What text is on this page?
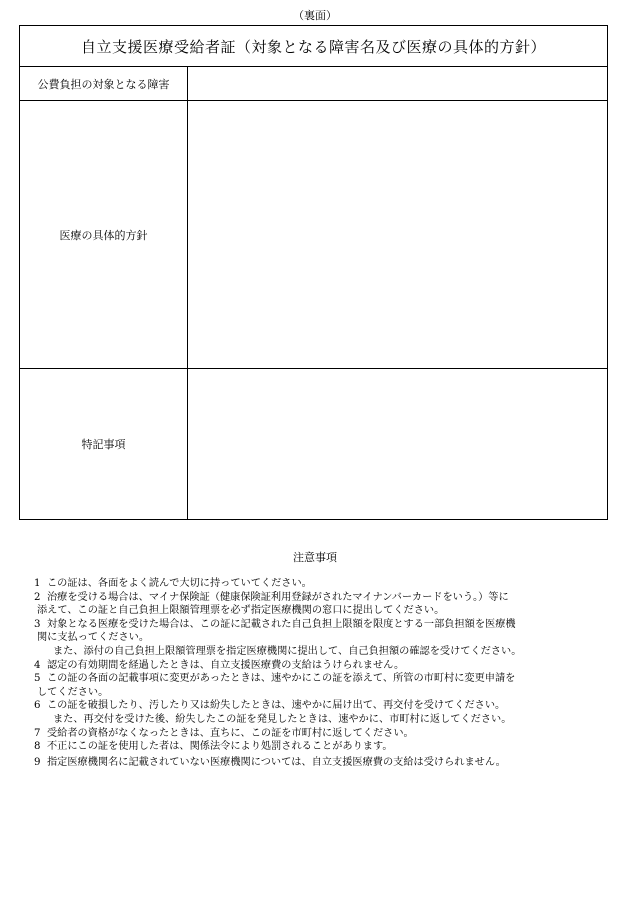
（裏面）
自立支援医療受給者証（対象となる障害名及び医療の具体的方針）
公費負担の対象となる障害
医療の具体的方針
特記事項
注意事項
1 この証は、各面をよく読んで大切に持っていてください。
2 治療を受ける場合は、マイナ保険証（健康保険証利用登録がされたマイナンバーカードをいう。）等に
添えて、この証と自己負担上限額管理票を必ず指定医療機関の窓口に提出してください。
3 対象となる医療を受けた場合は、この証に記載された自己負担上限額を限度とする一部負担額を医療機
関に支払ってください。
また、添付の自己負担上限額管理票を指定医療機関に提出して、自己負担額の確認を受けてください。
4 認定の有効期間を経過したときは、自立支援医療費の支給はうけられません。
5 この証の各面の記載事項に変更があったときは、速やかにこの証を添えて、所管の市町村に変更申請を
してください。
6 この証を破損したり、汚したり又は紛失したときは、速やかに届け出て、再交付を受けてください。
また、再交付を受けた後、紛失したこの証を発見したときは、速やかに、市町村に返してください。
7 受給者の資格がなくなったときは、直ちに、この証を市町村に返してください。
8 不正にこの証を使用した者は、関係法令により処罰されることがあります。
9 指定医療機関名に記載されていない医療機関については、自立支援医療費の支給は受けられません。
